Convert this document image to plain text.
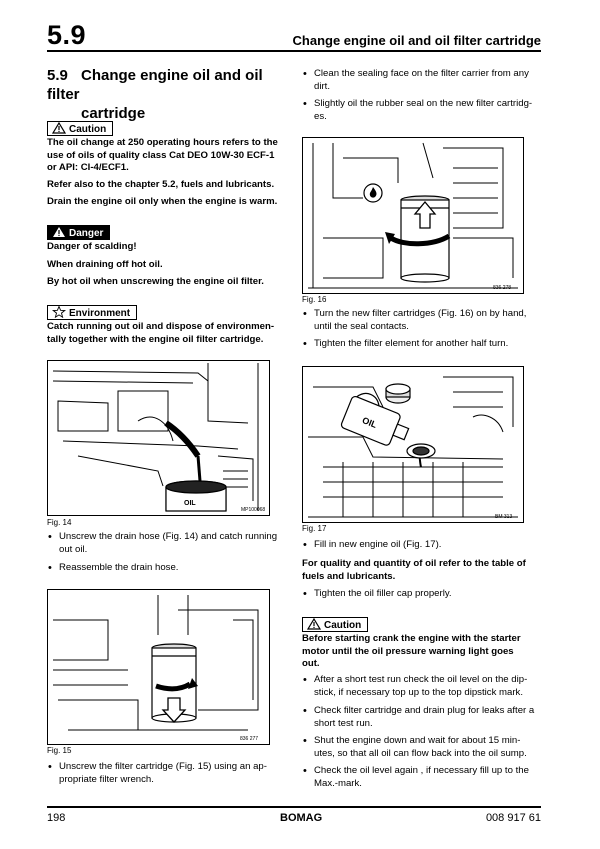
5.9	Change engine oil and oil filter cartridge
5.9 Change engine oil and oil filter
cartridge
Caution
The oil change at 250 operating hours refers to the
use of oils of quality class Cat DEO 10W-30 ECF-1
or API: CI-4/ECF1.
Refer also to the chapter 5.2, fuels and lubricants.
Drain the engine oil only when the engine is warm.
Danger
Danger of scalding!
When draining off hot oil.
By hot oil when unscrewing the engine oil filter.
Environment
Catch running out oil and dispose of environmen-
tally together with the engine oil filter cartridge.
OIL
MP100068
Fig. 14
• Unscrew the drain hose (Fig. 14) and catch running
out oil.
• Reassemble the drain hose.
836 277
Fig. 15
• Unscrew the filter cartridge (Fig. 15) using an ap-
propriate filter wrench.
• Clean the sealing face on the filter carrier from any
dirt.
• Slightly oil the rubber seal on the new filter cartridg-
es.
836 278
Fig. 16
• Turn the new filter cartridges (Fig. 16) on by hand,
until the seal contacts.
• Tighten the filter element for another half turn.
OIL
BM 313
Fig. 17
• Fill in new engine oil (Fig. 17).
For quality and quantity of oil refer to the table of
fuels and lubricants.
• Tighten the oil filler cap properly.
Caution
Before starting crank the engine with the starter
motor until the oil pressure warning light goes
out.
• After a short test run check the oil level on the dip-
stick, if necessary top up to the top dipstick mark.
• Check filter cartridge and drain plug for leaks after a
short test run.
• Shut the engine down and wait for about 15 min-
utes, so that all oil can flow back into the oil sump.
• Check the oil level again , if necessary fill up to the
Max.-mark.
198	BOMAG	008 917 61
